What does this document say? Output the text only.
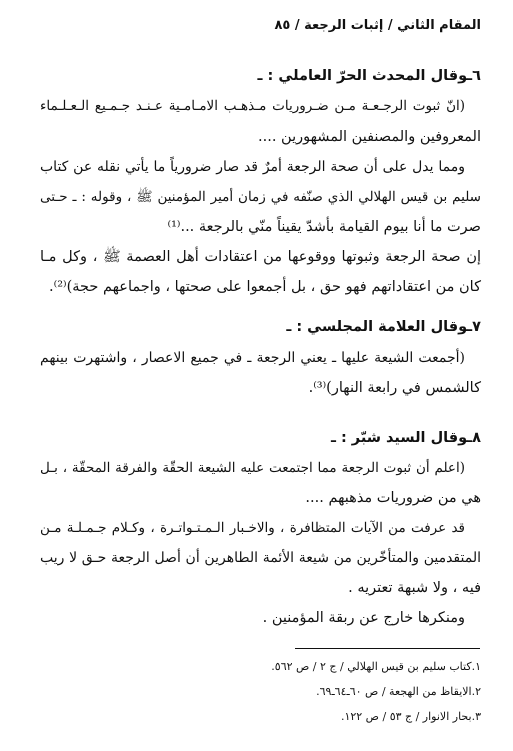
المقام الثاني / إثبات الرجعة / ٨٥
٦ـوقال المحدث الحرّ العاملي : ـ
(انّ ثبوت الرجـعـة مـن ضـروريات مـذهـب الامـامـية عـنـد جـمـيع الـعـلـماء
المعروفين والمصنفين المشهورين ....
ومما يدل على أن صحة الرجعة أمرٌ قد صار ضرورياً ما يأتي نقله عن كتاب
سليم بن قيس الهلالي الذي صنّفه في زمان أمير المؤمنين ﷺ ، وقوله : ـ حـتى
صرت ما أنا بيوم القيامة بأشدّ يقيناً منّي بالرجعة ...⁽¹⁾
إن صحة الرجعة وثبوتها ووقوعها من اعتقادات أهل العصمة ﷺ ، وكل مـا
كان من اعتقاداتهم فهو حق ، بل أجمعوا على صحتها ، واجماعهم حجة)⁽²⁾.
٧ـوقال العلامة المجلسي : ـ
(أجمعت الشيعة عليها ـ يعني الرجعة ـ في جميع الاعصار ، واشتهرت بينهم
كالشمس في رابعة النهار)⁽³⁾.
٨ـوقال السيد شبّر : ـ
(اعلم أن ثبوت الرجعة مما اجتمعت عليه الشيعة الحقّة والفرقة المحقّة ، بـل
هي من ضروريات مذهبهم ....
قد عرفت من الآيات المتظافرة ، والاخـبار الـمـتـواتـرة ، وكـلام جـمـلـة مـن
المتقدمين والمتأخّرين من شيعة الأئمة الطاهرين أن أصل الرجعة حـق لا ريب
فيه ، ولا شبهة تعتريه .
ومنكرها خارج عن ربقة المؤمنين .
١.كتاب سليم بن قيس الهلالي / ج ٢ / ص ٥٦٢.
٢.الايقاظ من الهجعة / ص ٦٠ـ٦٤ـ٦٩.
٣.بحار الانوار / ج ٥٣ / ص ١٢٢.
